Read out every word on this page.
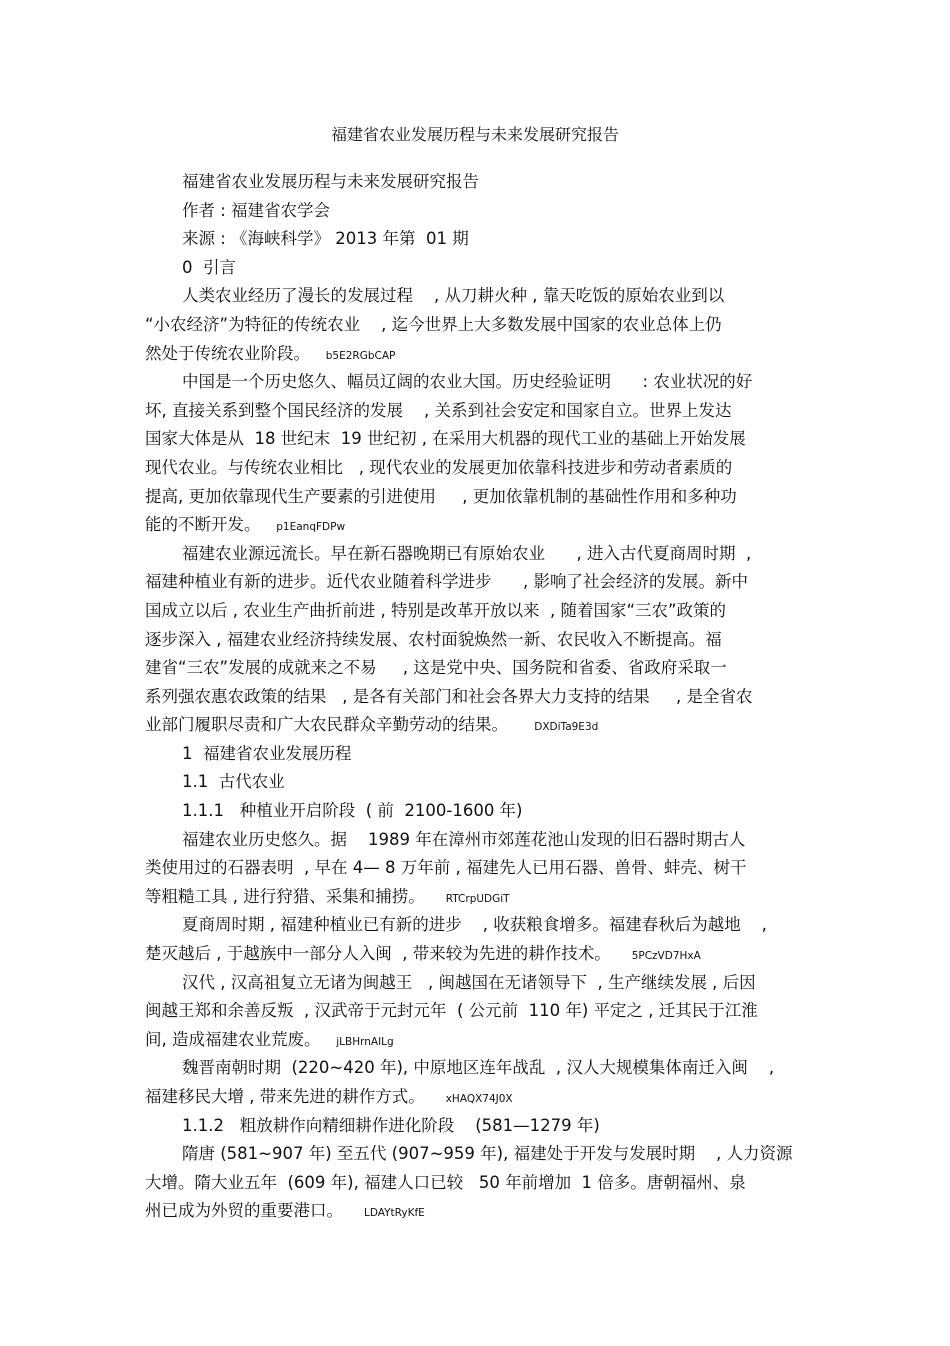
福建省农业发展历程与未来发展研究报告
福建省农业发展历程与未来发展研究报告
作者 : 福建省农学会
来源 : 《海峡科学》 2013 年第  01 期
0  引言
人类农业经历了漫长的发展过程    , 从刀耕火种 , 靠天吃饭的原始农业到以
“小农经济”为特征的传统农业    , 迄今世界上大多数发展中国家的农业总体上仍
然处于传统农业阶段。   b5E2RGbCAP
中国是一个历史悠久、幅员辽阔的农业大国。历史经验证明      : 农业状况的好
坏, 直接关系到整个国民经济的发展    , 关系到社会安定和国家自立。世界上发达
国家大体是从  18 世纪末  19 世纪初 , 在采用大机器的现代工业的基础上开始发展
现代农业。与传统农业相比   , 现代农业的发展更加依靠科技进步和劳动者素质的
提高, 更加依靠现代生产要素的引进使用     , 更加依靠机制的基础性作用和多种功
能的不断开发。   p1EanqFDPw
福建农业源远流长。早在新石器晚期已有原始农业      , 进入古代夏商周时期  ,
福建种植业有新的进步。近代农业随着科学进步      , 影响了社会经济的发展。新中
国成立以后 , 农业生产曲折前进 , 特别是改革开放以来  , 随着国家“三农”政策的
逐步深入 , 福建农业经济持续发展、农村面貌焕然一新、农民收入不断提高。福
建省“三农”发展的成就来之不易     , 这是党中央、国务院和省委、省政府采取一
系列强农惠农政策的结果   , 是各有关部门和社会各界大力支持的结果     , 是全省农
业部门履职尽责和广大农民群众辛勤劳动的结果。     DXDiTa9E3d
1  福建省农业发展历程
1.1  古代农业
1.1.1   种植业开启阶段  ( 前  2100-1600 年)
福建农业历史悠久。据    1989 年在漳州市郊莲花池山发现的旧石器时期古人
类使用过的石器表明  , 早在 4— 8 万年前 , 福建先人已用石器、兽骨、蚌壳、树干
等粗糙工具 , 进行狩猎、采集和捕捞。    RTCrpUDGiT
夏商周时期 , 福建种植业已有新的进步    , 收获粮食增多。福建春秋后为越地    ,
楚灭越后 , 于越族中一部分人入闽  , 带来较为先进的耕作技术。    5PCzVD7HxA
汉代 , 汉高祖复立无诸为闽越王   , 闽越国在无诸领导下  , 生产继续发展 , 后因
闽越王郑和余善反叛  , 汉武帝于元封元年  ( 公元前  110 年) 平定之 , 迁其民于江淮
间, 造成福建农业荒废。   jLBHrnAILg
魏晋南朝时期  (220~420 年), 中原地区连年战乱  , 汉人大规模集体南迁入闽    ,
福建移民大增 , 带来先进的耕作方式。    xHAQX74J0X
1.1.2   粗放耕作向精细耕作进化阶段    (581—1279 年)
隋唐 (581~907 年) 至五代 (907~959 年), 福建处于开发与发展时期    , 人力资源
大增。隋大业五年  (609 年), 福建人口已较   50 年前增加  1 倍多。唐朝福州、泉
州已成为外贸的重要港口。    LDAYtRyKfE
